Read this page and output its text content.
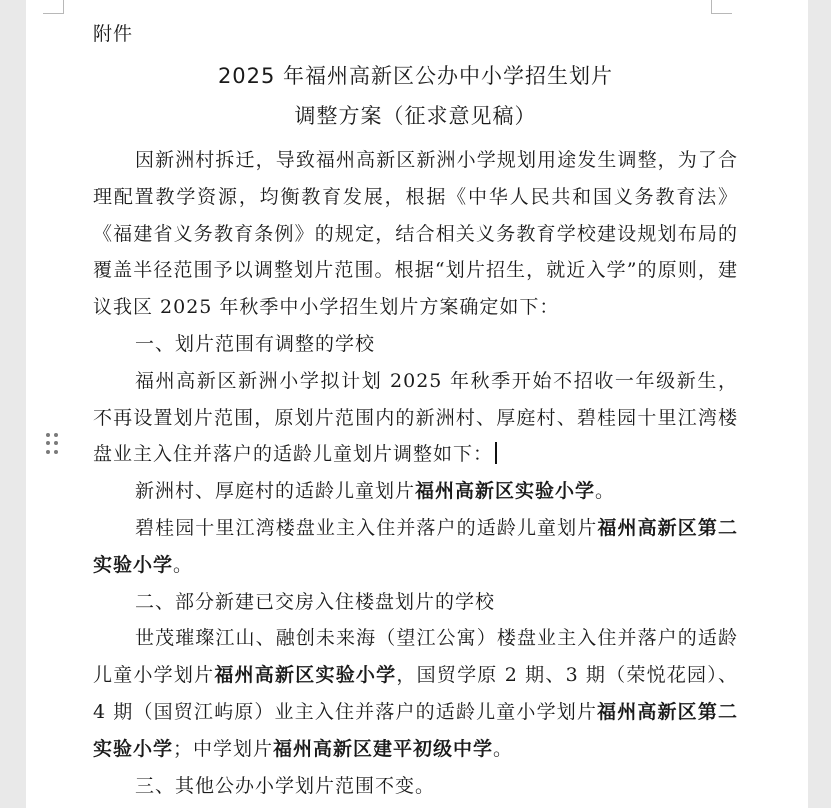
附件

2025 年福州高新区公办中小学招生划片

调整方案（征求意见稿）

因新洲村拆迁，导致福州高新区新洲小学规划用途发生调整，为了合理配置教学资源，均衡教育发展，根据《中华人民共和国义务教育法》《福建省义务教育条例》的规定，结合相关义务教育学校建设规划布局的覆盖半径范围予以调整划片范围。根据“划片招生，就近入学”的原则，建议我区 2025 年秋季中小学招生划片方案确定如下：

一、划片范围有调整的学校

福州高新区新洲小学拟计划 2025 年秋季开始不招收一年级新生，不再设置划片范围，原划片范围内的新洲村、厚庭村、碧桂园十里江湾楼盘业主入住并落户的适龄儿童划片调整如下：

新洲村、厚庭村的适龄儿童划片福州高新区实验小学。

碧桂园十里江湾楼盘业主入住并落户的适龄儿童划片福州高新区第二实验小学。

二、部分新建已交房入住楼盘划片的学校

世茂璀璨江山、融创未来海（望江公寓）楼盘业主入住并落户的适龄儿童小学划片福州高新区实验小学，国贸学原 2 期、3 期（荣悦花园）、4 期（国贸江屿原）业主入住并落户的适龄儿童小学划片福州高新区第二实验小学；中学划片福州高新区建平初级中学。

三、其他公办小学划片范围不变。
